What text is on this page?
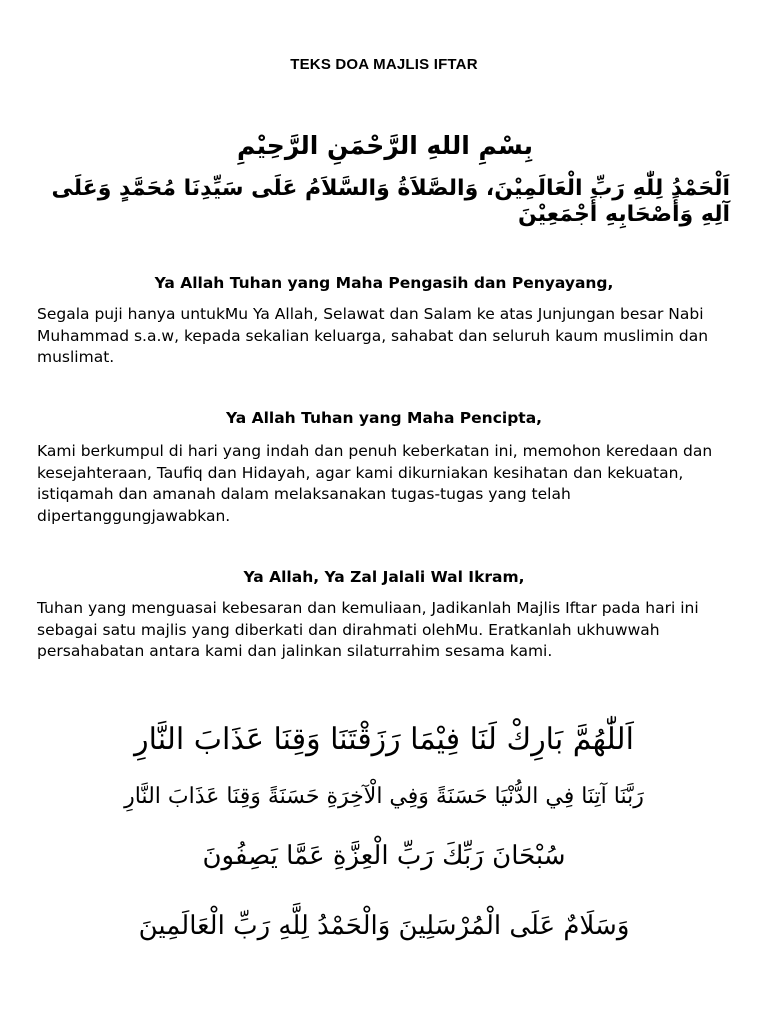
TEKS DOA MAJLIS IFTAR
بِسْمِ اللهِ الرَّحْمَنِ الرَّحِيْمِ
اَلْحَمْدُ لِلّٰهِ رَبِّ الْعَالَمِيْنَ، وَالصَّلاَةُ وَالسَّلاَمُ عَلَى سَيِّدِنَا مُحَمَّدٍ وَعَلَى آلِهِ وَأَصْحَابِهِ أَجْمَعِيْنَ
Ya Allah Tuhan yang Maha Pengasih dan Penyayang,
Segala puji hanya untukMu Ya Allah, Selawat dan Salam ke atas Junjungan besar Nabi Muhammad s.a.w, kepada sekalian keluarga, sahabat dan seluruh kaum muslimin dan muslimat.
Ya Allah Tuhan yang Maha Pencipta,
Kami berkumpul di hari yang indah dan penuh keberkatan ini, memohon keredaan dan kesejahteraan, Taufiq dan Hidayah, agar kami dikurniakan kesihatan dan kekuatan, istiqamah dan amanah dalam melaksanakan tugas-tugas yang telah dipertanggungjawabkan.
Ya Allah, Ya Zal Jalali Wal Ikram,
Tuhan yang menguasai kebesaran dan kemuliaan, Jadikanlah Majlis Iftar pada hari ini sebagai satu majlis yang diberkati dan dirahmati olehMu. Eratkanlah ukhuwwah persahabatan antara kami dan jalinkan silaturrahim sesama kami.
اَللّٰهُمَّ بَارِكْ لَنَا فِيْمَا رَزَقْتَنَا وَقِنَا عَذَابَ النَّارِ
رَبَّنَا آتِنَا فِي الدُّنْيَا حَسَنَةً وَفِي الْآخِرَةِ حَسَنَةً وَقِنَا عَذَابَ النَّارِ
سُبْحَانَ رَبِّكَ رَبِّ الْعِزَّةِ عَمَّا يَصِفُونَ
وَسَلَامٌ عَلَى الْمُرْسَلِينَ وَالْحَمْدُ لِلَّهِ رَبِّ الْعَالَمِينَ
